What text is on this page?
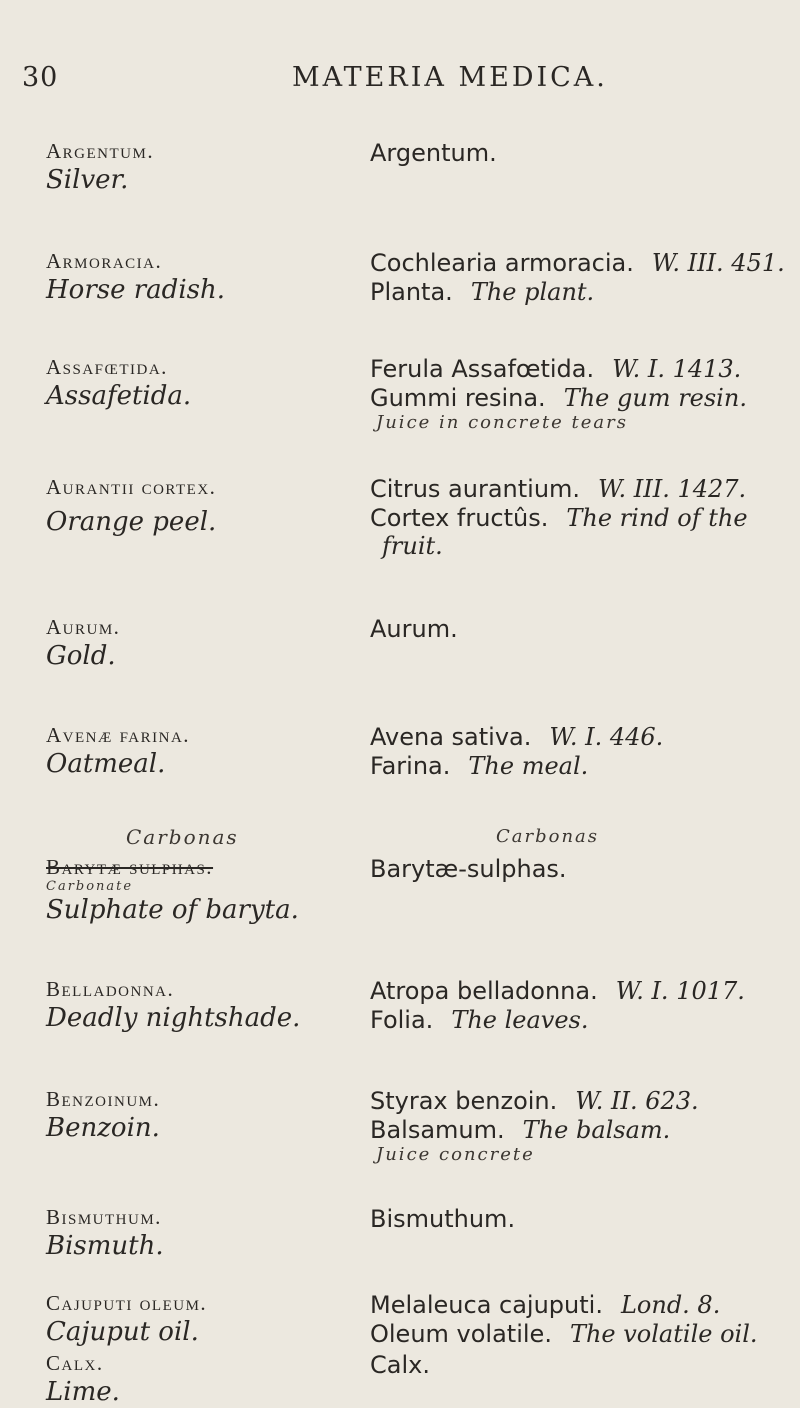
30	MATERIA MEDICA.
Argentum.
Silver.
Argentum.
Armoracia.
Horse radish.
Cochlearia armoracia. W. III. 451.
Planta. The plant.
Assafœtida.
Assafetida.
Ferula Assafœtida. W. I. 1413.
Gummi resina. The gum resin.
Juice in concrete tears
Aurantii cortex.
Orange peel.
Citrus aurantium. W. III. 1427.
Cortex fructûs. The rind of the
fruit.
Aurum.
Gold.
Aurum.
Avenæ farina.
Oatmeal.
Avena sativa. W. I. 446.
Farina. The meal.
Carbonas
Barytæ sulphas.
Carbonate
Sulphate of baryta.
Carbonas
Barytæ-sulphas.
Belladonna.
Deadly nightshade.
Atropa belladonna. W. I. 1017.
Folia. The leaves.
Benzoinum.
Benzoin.
Styrax benzoin. W. II. 623.
Balsamum. The balsam.
Juice concrete
Bismuthum.
Bismuth.
Bismuthum.
Cajuputi oleum.
Cajuput oil.
Melaleuca cajuputi. Lond. 8.
Oleum volatile. The volatile oil.
Calx.	Calx.
Lime.
